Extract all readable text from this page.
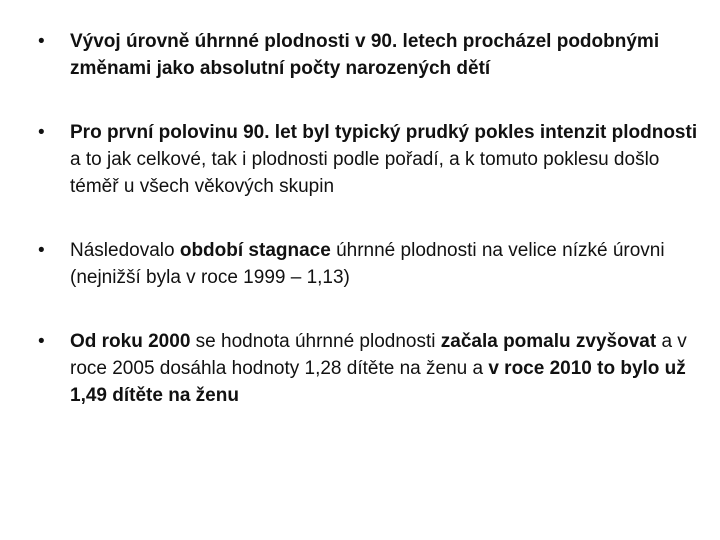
• Vývoj úrovně úhrnné plodnosti v 90. letech procházel podobnými změnami jako absolutní počty narozených dětí
• Pro první polovinu 90. let byl typický prudký pokles intenzit plodnosti a to jak celkové, tak i plodnosti podle pořadí, a k tomuto poklesu došlo téměř u všech věkových skupin
• Následovalo období stagnace úhrnné plodnosti na velice nízké úrovni (nejnižší byla v roce 1999 – 1,13)
• Od roku 2000 se hodnota úhrnné plodnosti začala pomalu zvyšovat a v roce 2005 dosáhla hodnoty 1,28 dítěte na ženu a v roce 2010 to bylo už 1,49 dítěte na ženu
